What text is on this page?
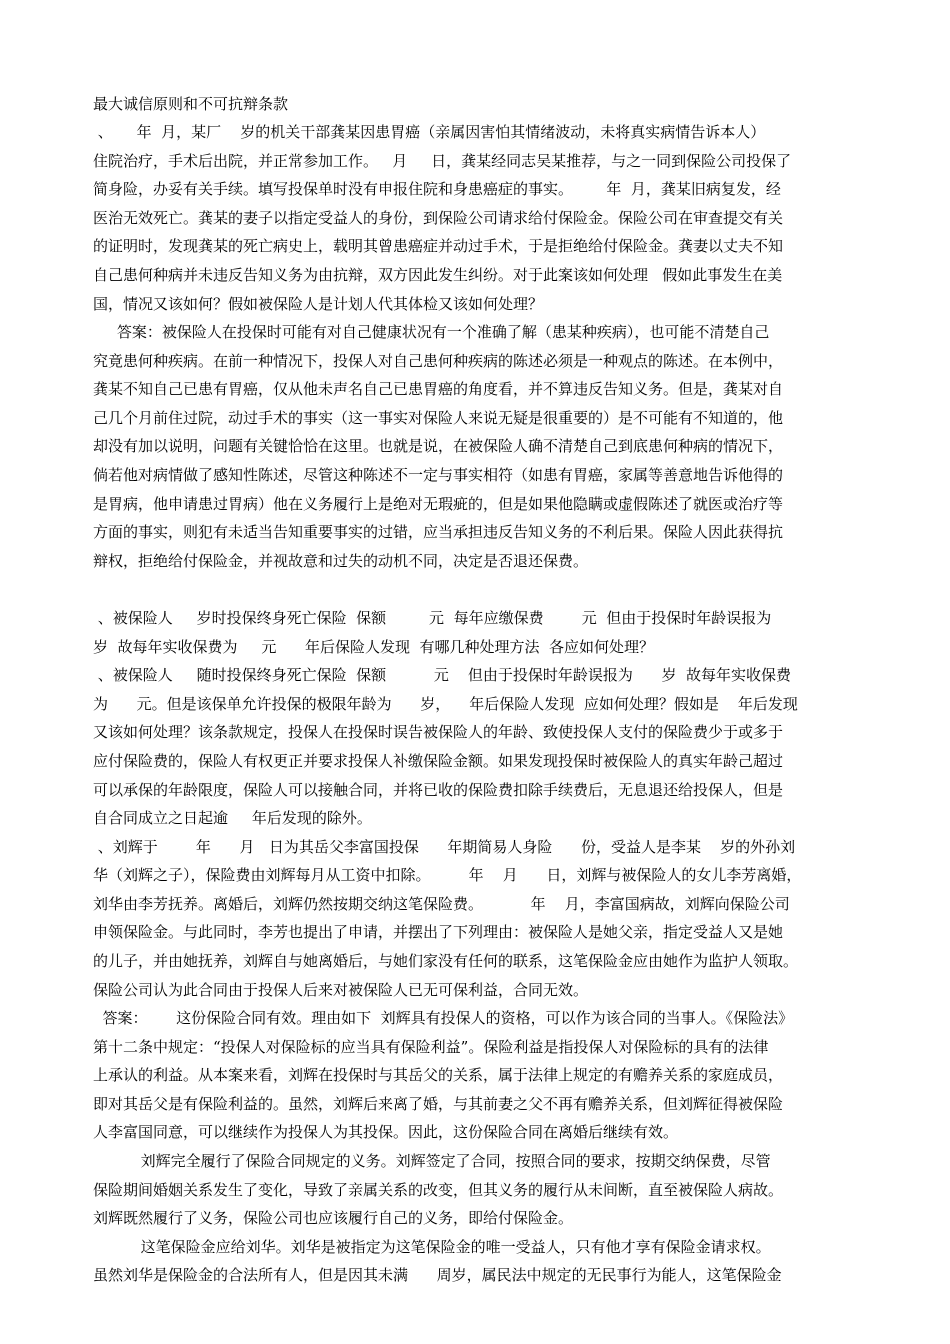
最大诚信原则和不可抗辩条款
、     年  月，某厂    岁的机关干部龚某因患胃癌（亲属因害怕其情绪波动，未将真实病情告诉本人）
住院治疗，手术后出院，并正常参加工作。   月     日，龚某经同志吴某推荐，与之一同到保险公司投保了
简身险，办妥有关手续。填写投保单时没有申报住院和身患癌症的事实。       年  月，龚某旧病复发，经
医治无效死亡。龚某的妻子以指定受益人的身份，到保险公司请求给付保险金。保险公司在审查提交有关
的证明时，发现龚某的死亡病史上，载明其曾患癌症并动过手术，于是拒绝给付保险金。龚妻以丈夫不知
自己患何种病并未违反告知义务为由抗辩，双方因此发生纠纷。对于此案该如何处理   假如此事发生在美
国，情况又该如何？假如被保险人是计划人代其体检又该如何处理？
答案：被保险人在投保时可能有对自己健康状况有一个准确了解（患某种疾病），也可能不清楚自己
究竟患何种疾病。在前一种情况下，投保人对自己患何种疾病的陈述必须是一种观点的陈述。在本例中，
龚某不知自己已患有胃癌，仅从他未声名自己已患胃癌的角度看，并不算违反告知义务。但是，龚某对自
己几个月前住过院，动过手术的事实（这一事实对保险人来说无疑是很重要的）是不可能有不知道的，他
却没有加以说明，问题有关键恰恰在这里。也就是说，在被保险人确不清楚自己到底患何种病的情况下，
倘若他对病情做了感知性陈述，尽管这种陈述不一定与事实相符（如患有胃癌，家属等善意地告诉他得的
是胃病，他申请患过胃病）他在义务履行上是绝对无瑕疵的，但是如果他隐瞒或虚假陈述了就医或治疗等
方面的事实，则犯有未适当告知重要事实的过错，应当承担违反告知义务的不利后果。保险人因此获得抗
辩权，拒绝给付保险金，并视故意和过失的动机不同，决定是否退还保费。
、被保险人     岁时投保终身死亡保险  保额         元  每年应缴保费        元  但由于投保时年龄误报为
岁  故每年实收保费为     元      年后保险人发现  有哪几种处理方法  各应如何处理？
、被保险人     随时投保终身死亡保险  保额          元    但由于投保时年龄误报为      岁  故每年实收保费
为      元。但是该保单允许投保的极限年龄为      岁，    年后保险人发现  应如何处理？假如是    年后发现
又该如何处理？该条款规定，投保人在投保时误告被保险人的年龄、致使投保人支付的保险费少于或多于
应付保险费的，保险人有权更正并要求投保人补缴保险金额。如果发现投保时被保险人的真实年龄己超过
可以承保的年龄限度，保险人可以接触合同，并将已收的保险费扣除手续费后，无息退还给投保人，但是
自合同成立之日起逾     年后发现的除外。
、刘辉于        年      月   日为其岳父李富国投保      年期简易人身险      份，受益人是李某    岁的外孙刘
华（刘辉之子），保险费由刘辉每月从工资中扣除。        年    月      日，刘辉与被保险人的女儿李芳离婚，
刘华由李芳抚养。离婚后，刘辉仍然按期交纳这笔保险费。          年    月，李富国病故，刘辉向保险公司
申领保险金。与此同时，李芳也提出了申请，并摆出了下列理由：被保险人是她父亲，指定受益人又是她
的儿子，并由她抚养，刘辉自与她离婚后，与她们家没有任何的联系，这笔保险金应由她作为监护人领取。
保险公司认为此合同由于投保人后来对被保险人已无可保利益，合同无效。
答案：      这份保险合同有效。理由如下  刘辉具有投保人的资格，可以作为该合同的当事人。《保险法》
第十二条中规定：“投保人对保险标的应当具有保险利益”。保险利益是指投保人对保险标的具有的法律
上承认的利益。从本案来看，刘辉在投保时与其岳父的关系，属于法律上规定的有赡养关系的家庭成员，
即对其岳父是有保险利益的。虽然，刘辉后来离了婚，与其前妻之父不再有赡养关系，但刘辉征得被保险
人李富国同意，可以继续作为投保人为其投保。因此，这份保险合同在离婚后继续有效。
刘辉完全履行了保险合同规定的义务。刘辉签定了合同，按照合同的要求，按期交纳保费，尽管
保险期间婚姻关系发生了变化，导致了亲属关系的改变，但其义务的履行从未间断，直至被保险人病故。
刘辉既然履行了义务，保险公司也应该履行自己的义务，即给付保险金。
这笔保险金应给刘华。刘华是被指定为这笔保险金的唯一受益人，只有他才享有保险金请求权。
虽然刘华是保险金的合法所有人，但是因其未满      周岁，属民法中规定的无民事行为能人，这笔保险金
